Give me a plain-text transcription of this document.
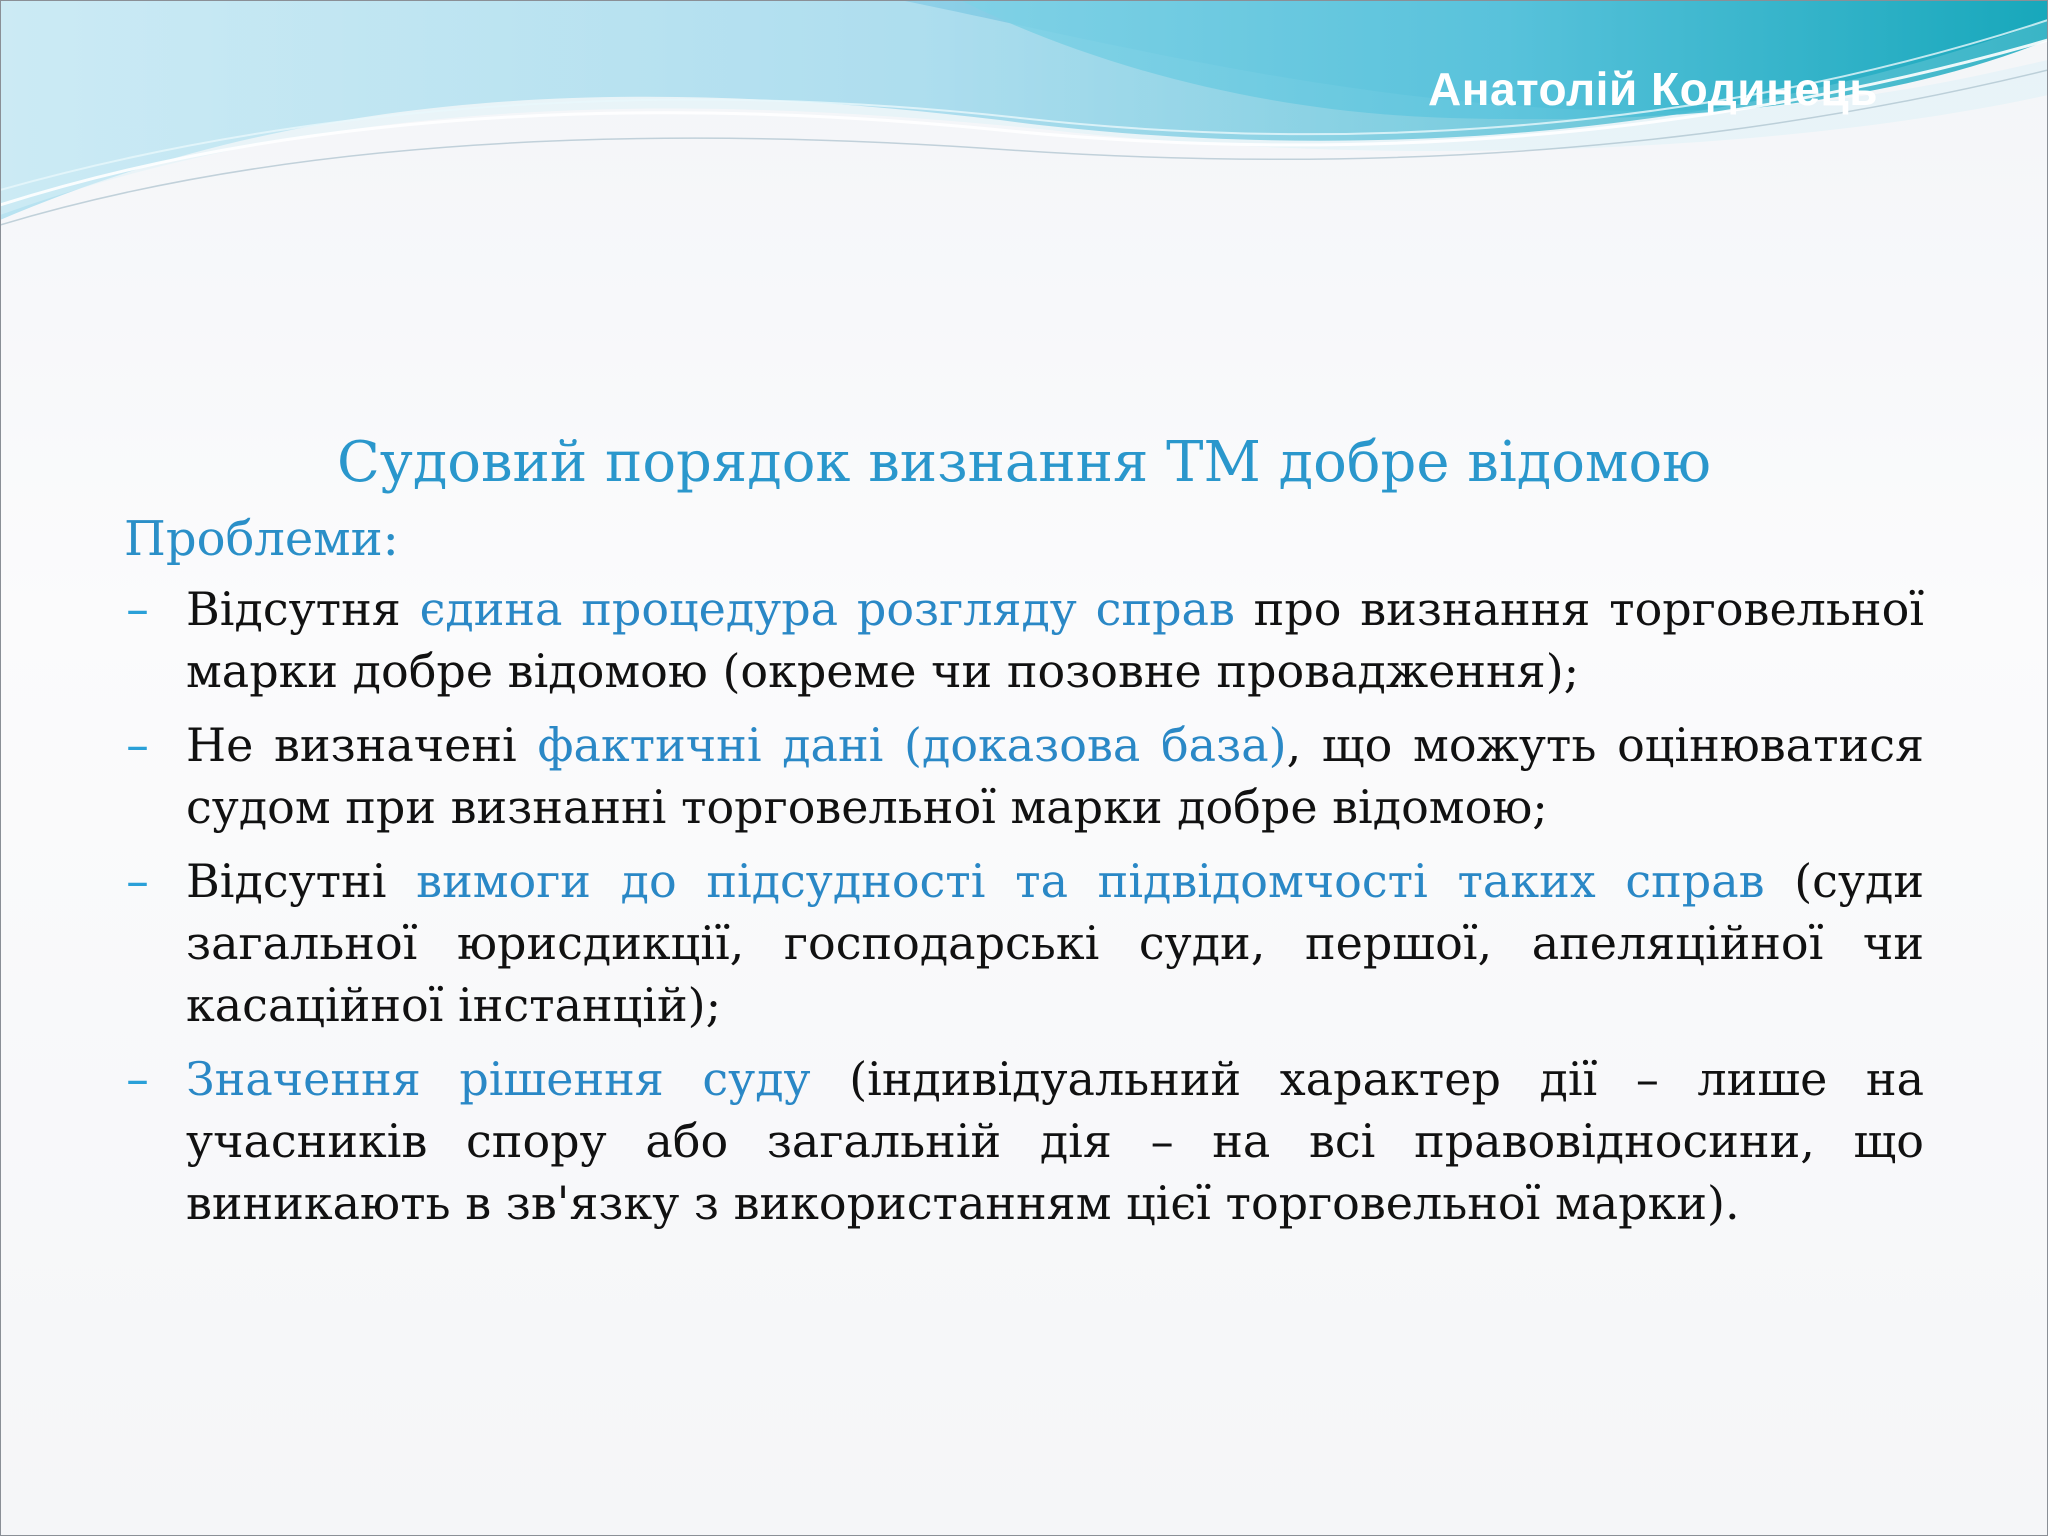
Анатолій Кодинець
Судовий порядок визнання ТМ добре відомою
Проблеми:
– Відсутня єдина процедура розгляду справ про визнання торговельної марки добре відомою (окреме чи позовне провадження);
– Не визначені фактичні дані (доказова база), що можуть оцінюватися судом при визнанні торговельної марки добре відомою;
– Відсутні вимоги до підсудності та підвідомчості таких справ (суди загальної юрисдикції, господарські суди, першої, апеляційної чи касаційної інстанцій);
– Значення рішення суду (індивідуальний характер дії – лише на учасників спору або загальній дія – на всі правовідносини, що виникають в зв'язку з використанням цієї торговельної марки).
